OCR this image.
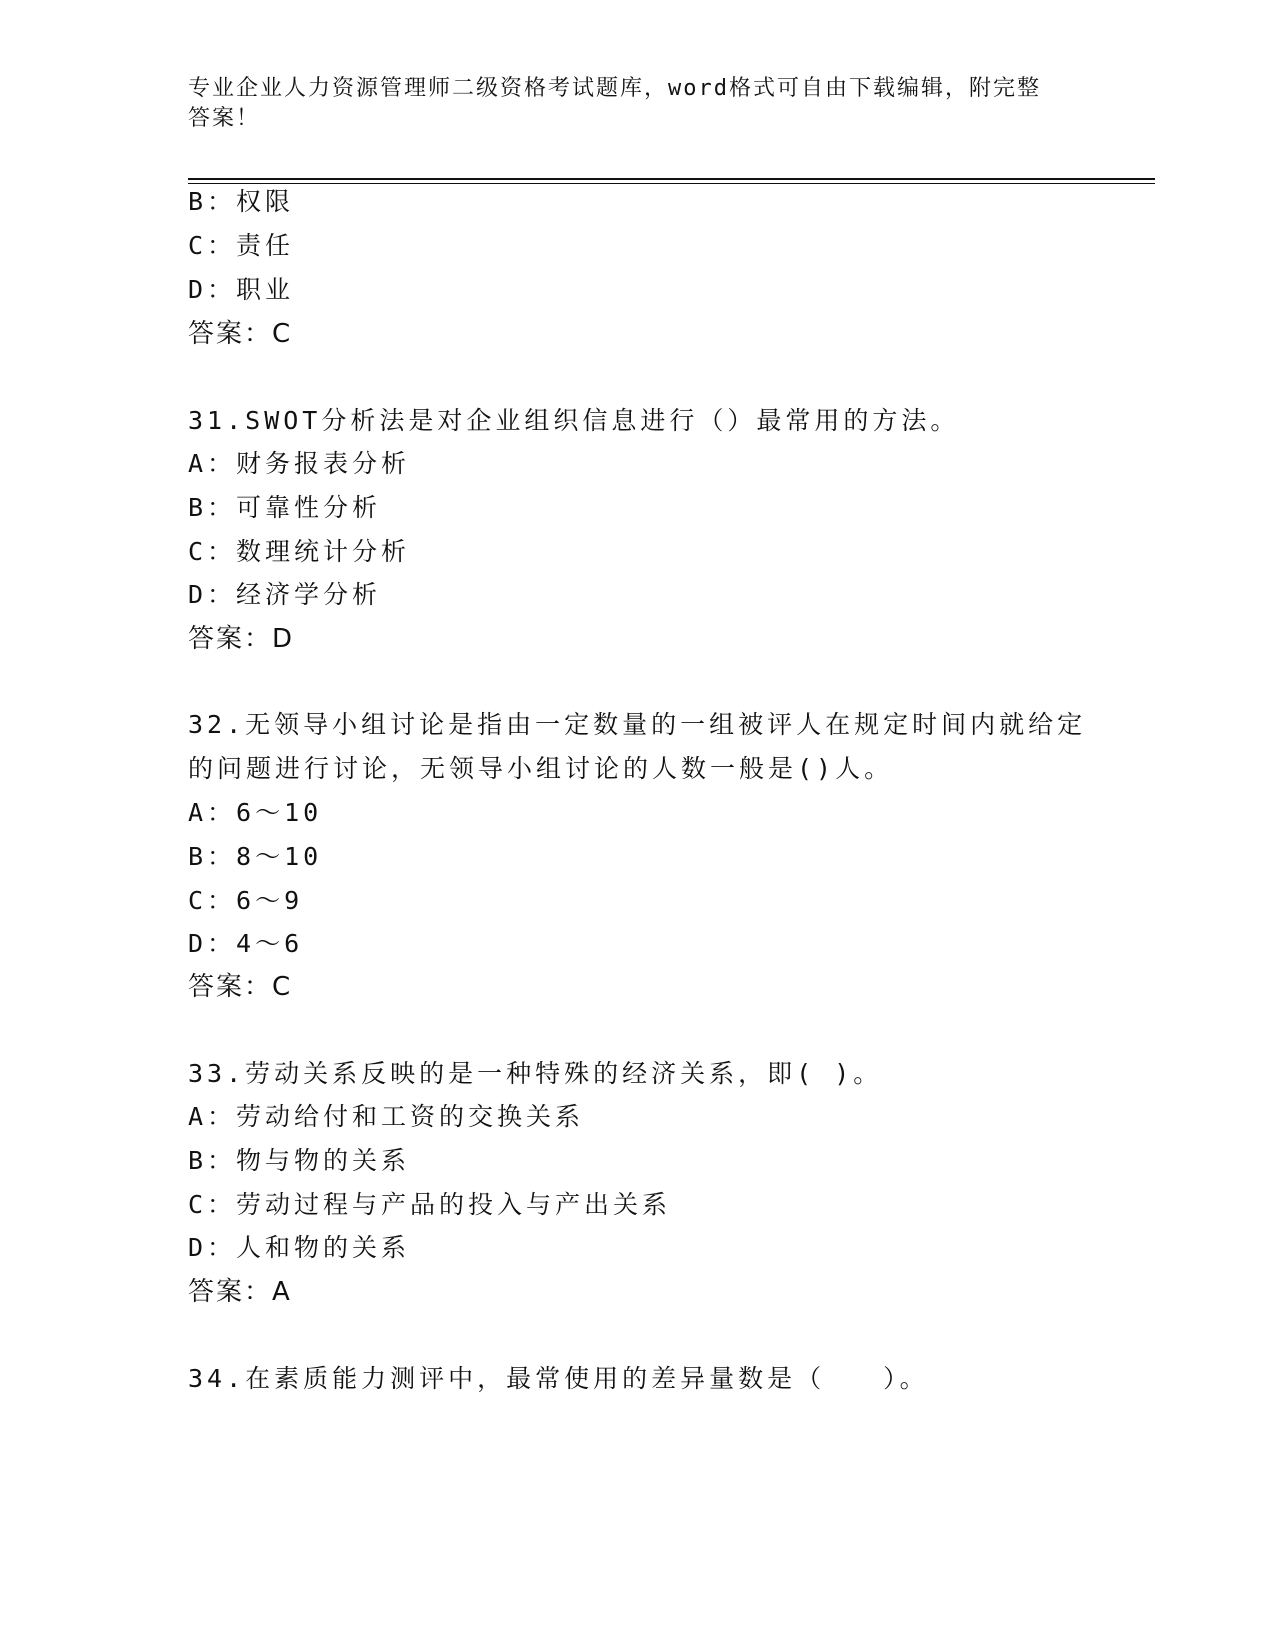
专业企业人力资源管理师二级资格考试题库，word格式可自由下载编辑，附完整
答案！
B：权限
C：责任
D：职业
答案：C
31.SWOT分析法是对企业组织信息进行（）最常用的方法。
A：财务报表分析
B：可靠性分析
C：数理统计分析
D：经济学分析
答案：D
32.无领导小组讨论是指由一定数量的一组被评人在规定时间内就给定
的问题进行讨论，无领导小组讨论的人数一般是()人。
A：6～10
B：8～10
C：6～9
D：4～6
答案：C
33.劳动关系反映的是一种特殊的经济关系，即( )。
A：劳动给付和工资的交换关系
B：物与物的关系
C：劳动过程与产品的投入与产出关系
D：人和物的关系
答案：A
34.在素质能力测评中，最常使用的差异量数是（　　）。
